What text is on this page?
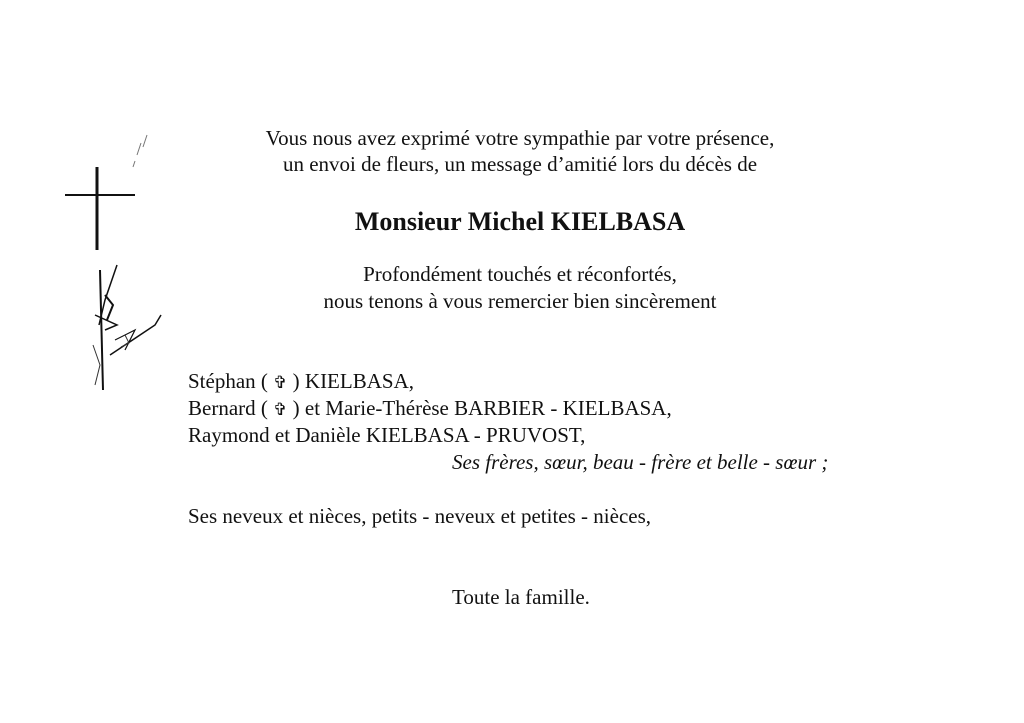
Vous nous avez exprimé votre sympathie par votre présence,
un envoi de fleurs, un message d’amitié lors du décès de
Monsieur Michel KIELBASA
Profondément touchés et réconfortés,
nous tenons à vous remercier bien sincèrement
Stéphan ( ✞ ) KIELBASA,
Bernard ( ✞ ) et Marie-Thérèse BARBIER - KIELBASA,
Raymond et Danièle KIELBASA - PRUVOST,
Ses frères, sœur, beau - frère et belle - sœur ;
Ses neveux et nièces, petits - neveux et petites - nièces,
Toute la famille.
